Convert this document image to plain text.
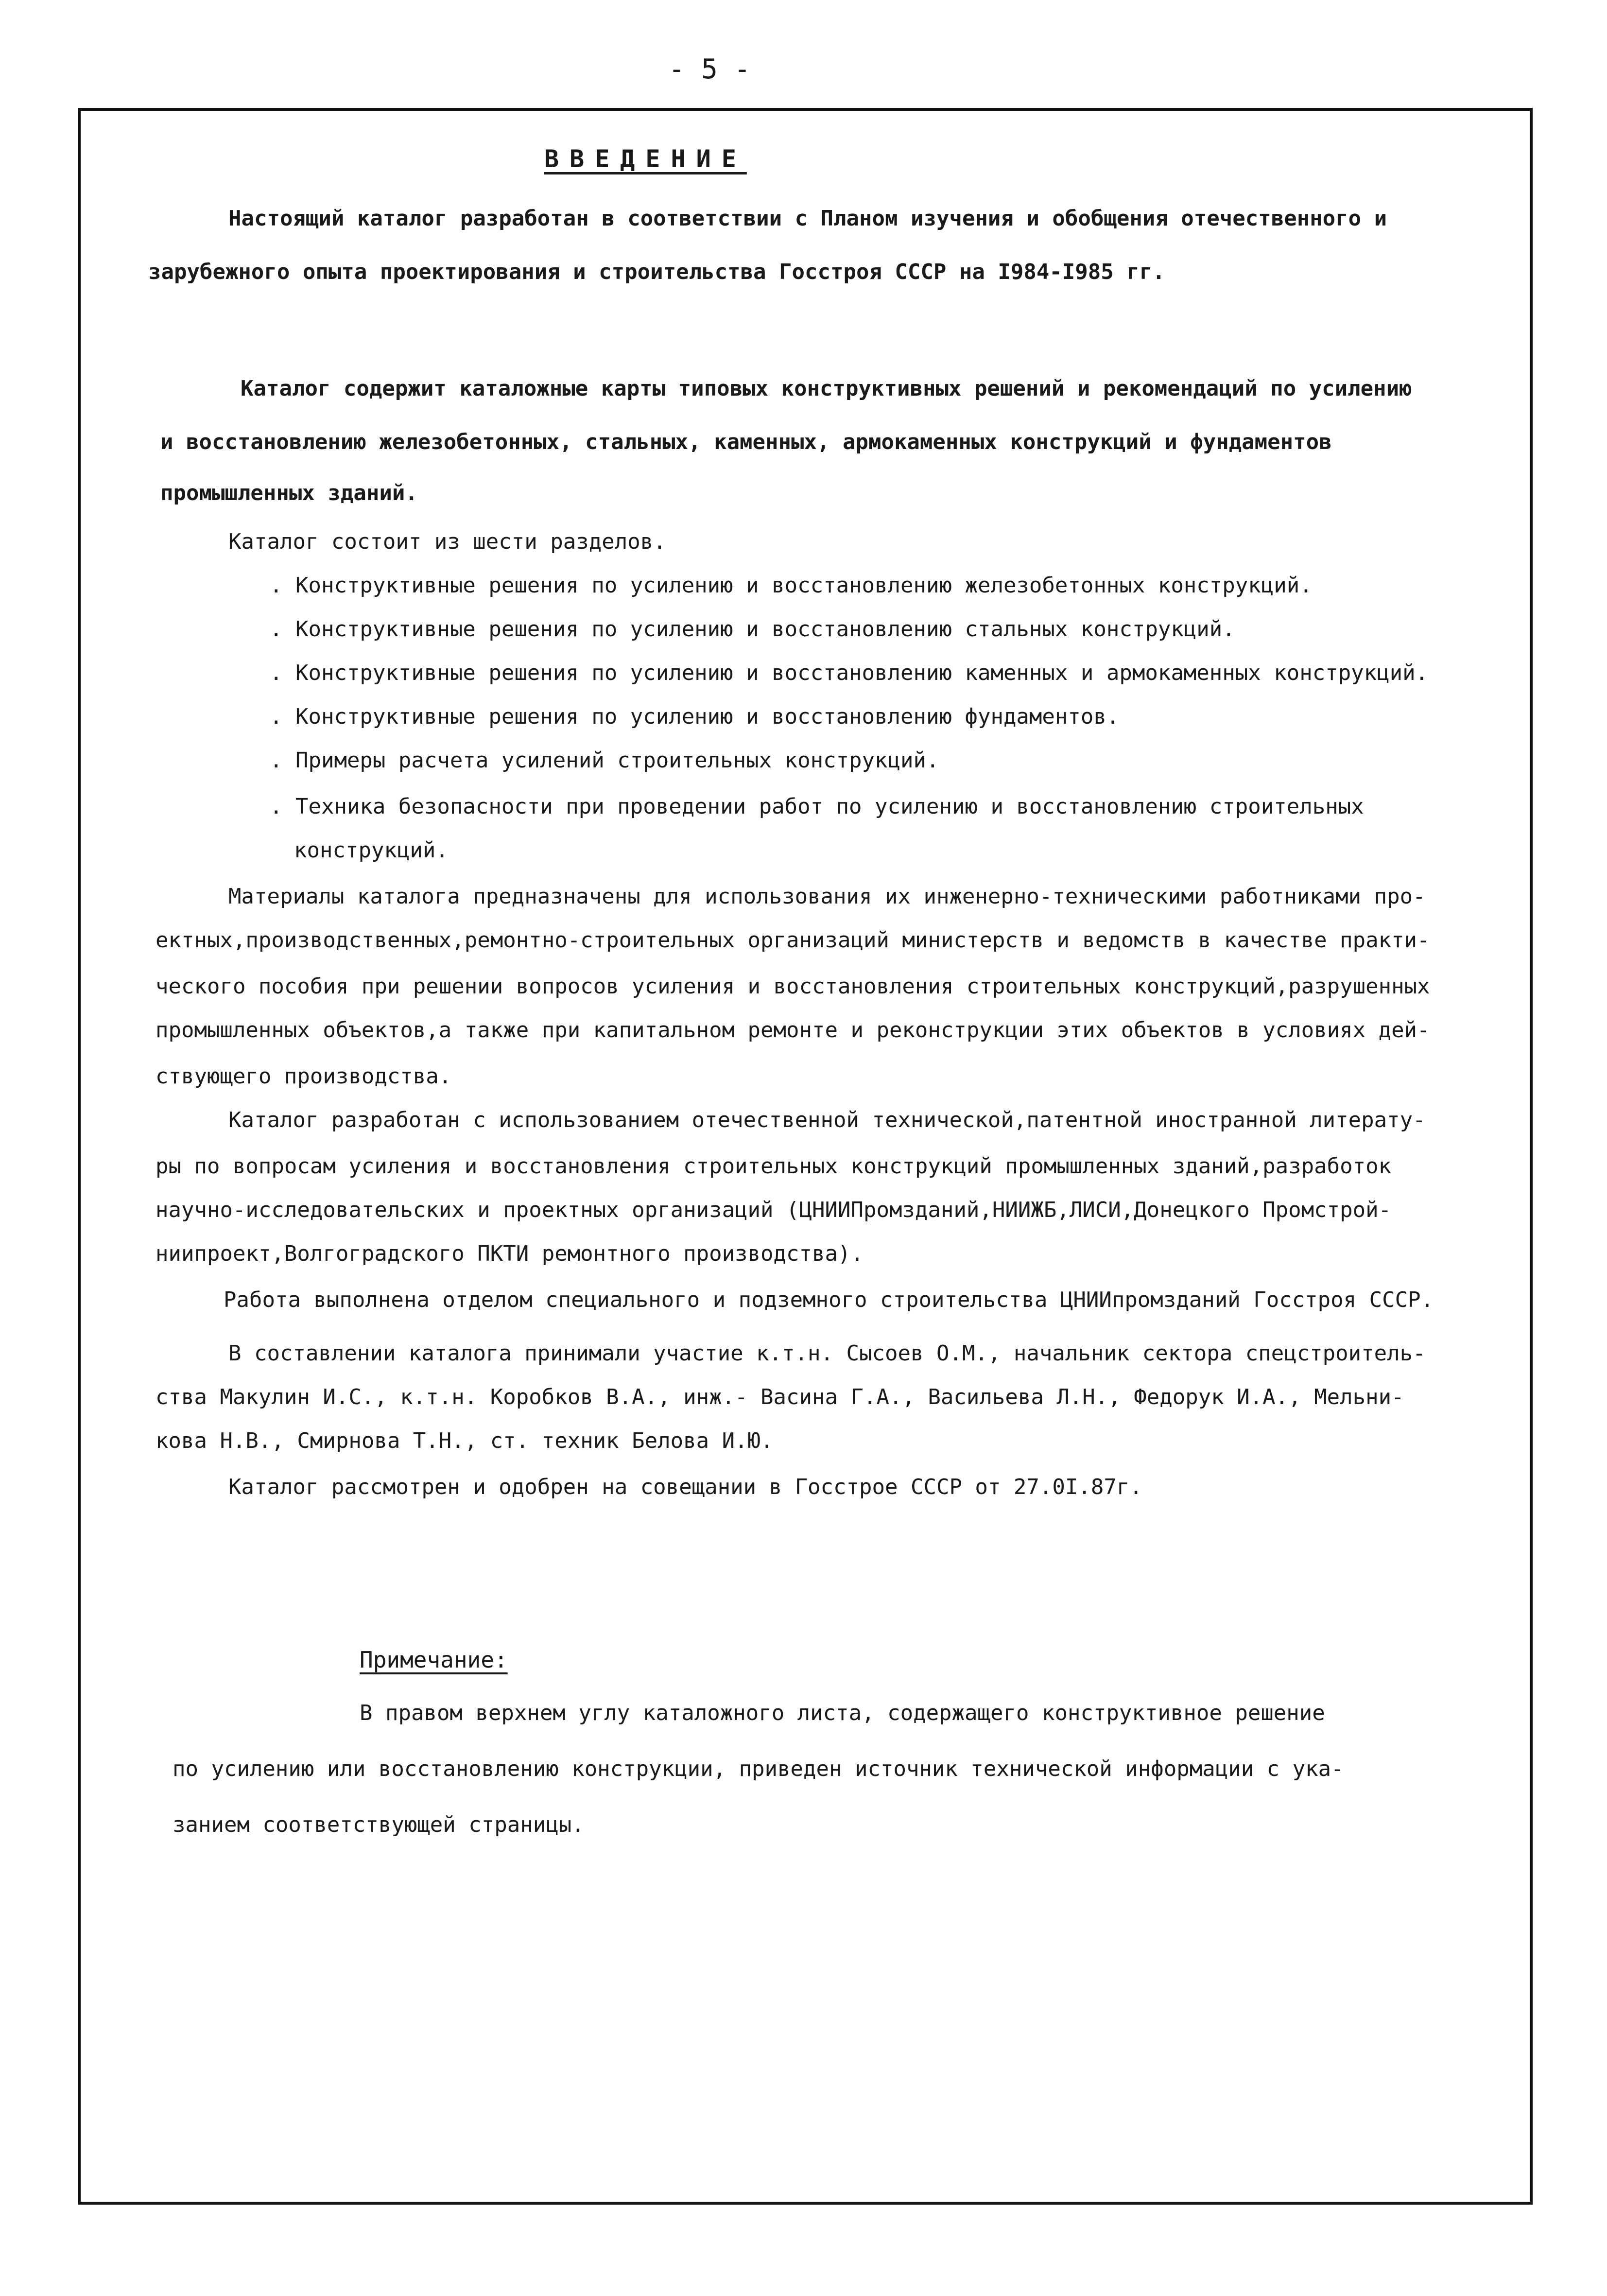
- 5 -
ВВЕДЕНИЕ
Настоящий каталог разработан в соответствии с Планом изучения и обобщения отечественного и
зарубежного опыта проектирования и строительства Госстроя СССР на I984-I985 гг.
Каталог содержит каталожные карты типовых конструктивных решений и рекомендаций по усилению
и восстановлению железобетонных, стальных, каменных, армокаменных конструкций и фундаментов
промышленных зданий.
Каталог состоит из шести разделов.
. Конструктивные решения по усилению и восстановлению железобетонных конструкций.
. Конструктивные решения по усилению и восстановлению стальных конструкций.
. Конструктивные решения по усилению и восстановлению каменных и армокаменных конструкций.
. Конструктивные решения по усилению и восстановлению фундаментов.
. Примеры расчета усилений строительных конструкций.
. Техника безопасности при проведении работ по усилению и восстановлению строительных
конструкций.
Материалы каталога предназначены для использования их инженерно-техническими работниками про-
ектных,производственных,ремонтно-строительных организаций министерств и ведомств в качестве практи-
ческого пособия при решении вопросов усиления и восстановления строительных конструкций,разрушенных
промышленных объектов,а также при капитальном ремонте и реконструкции этих объектов в условиях дей-
ствующего производства.
Каталог разработан с использованием отечественной технической,патентной иностранной литерату-
ры по вопросам усиления и восстановления строительных конструкций промышленных зданий,разработок
научно-исследовательских и проектных организаций (ЦНИИПромзданий,НИИЖБ,ЛИСИ,Донецкого Промстрой-
ниипроект,Волгоградского ПКТИ ремонтного производства).
Работа выполнена отделом специального и подземного строительства ЦНИИпромзданий Госстроя СССР.
В составлении каталога принимали участие к.т.н. Сысоев О.М., начальник сектора спецстроитель-
ства Макулин И.С., к.т.н. Коробков В.А., инж.- Васина Г.А., Васильева Л.Н., Федорук И.А., Мельни-
кова Н.В., Смирнова Т.Н., ст. техник Белова И.Ю.
Каталог рассмотрен и одобрен на совещании в Госстрое СССР от 27.0I.87г.
Примечание:
В правом верхнем углу каталожного листа, содержащего конструктивное решение
по усилению или восстановлению конструкции, приведен источник технической информации с ука-
занием соответствующей страницы.
